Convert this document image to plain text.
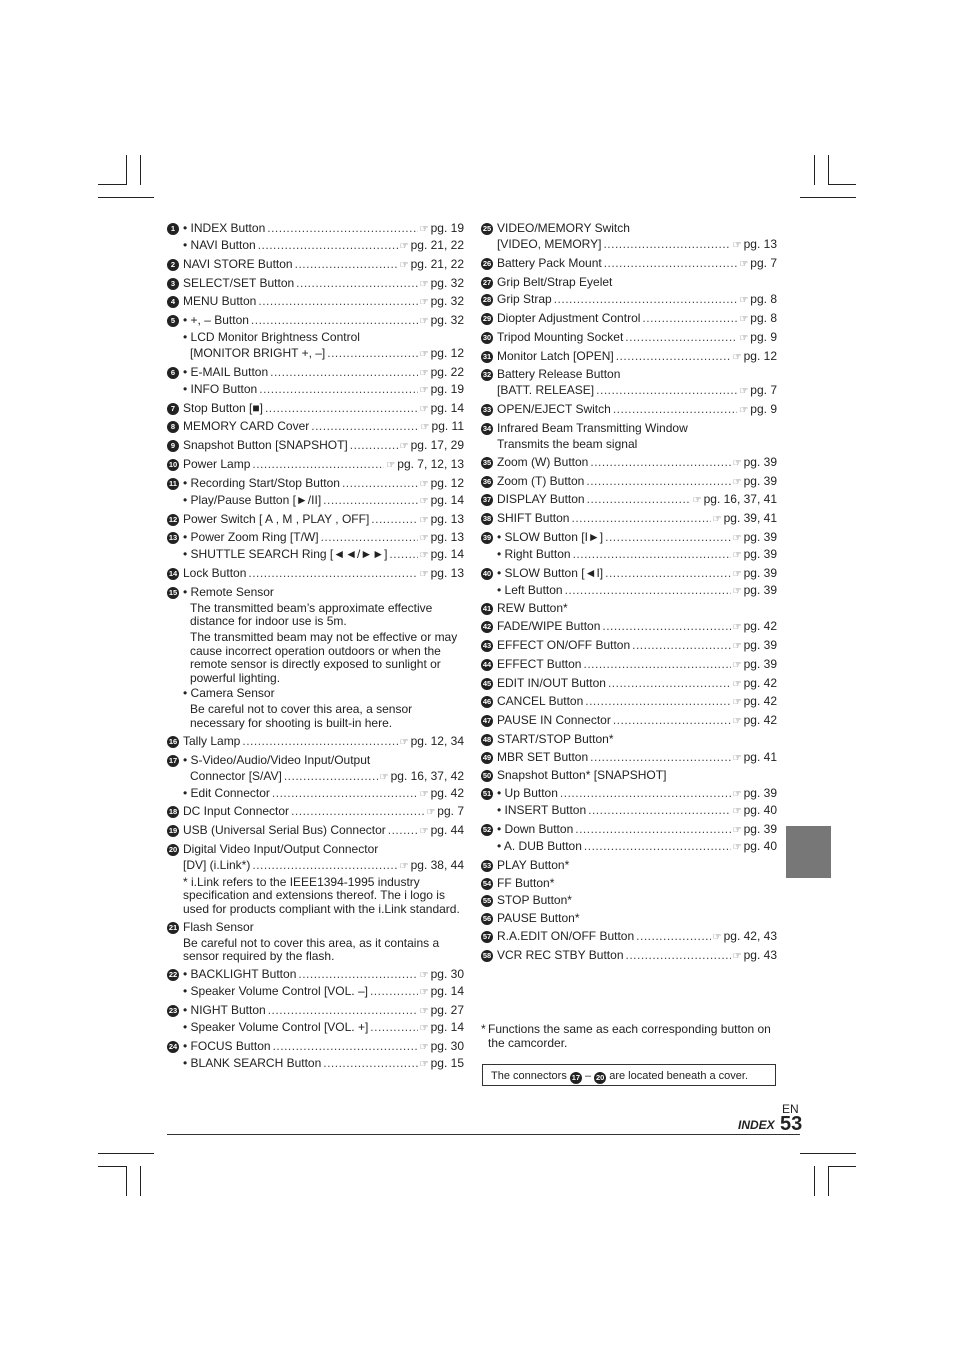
1 • INDEX Button .....	☞ pg. 19
• NAVI Button .....	☞ pg. 21, 22
2 NAVI STORE Button .....	☞ pg. 21, 22
3 SELECT/SET Button .....	☞ pg. 32
4 MENU Button .....	☞ pg. 32
5 • +, – Button .....	☞ pg. 32
• LCD Monitor Brightness Control
[MONITOR BRIGHT +, –] .....	☞ pg. 12
6 • E-MAIL Button .....	☞ pg. 22
• INFO Button .....	☞ pg. 19
7 Stop Button [■] .....	☞ pg. 14
8 MEMORY CARD Cover .....	☞ pg. 11
9 Snapshot Button [SNAPSHOT] .....	☞ pg. 17, 29
10 Power Lamp .....	☞ pg. 7, 12, 13
11 • Recording Start/Stop Button .....	☞ pg. 12
• Play/Pause Button [►/II] .....	☞ pg. 14
12 Power Switch [ A , M , PLAY , OFF] .....	☞ pg. 13
13 • Power Zoom Ring [T/W] .....	☞ pg. 13
• SHUTTLE SEARCH Ring [◄◄/►►] .....	☞ pg. 14
14 Lock Button .....	☞ pg. 13
15 • Remote Sensor
The transmitted beam’s approximate effective distance for indoor use is 5m.
The transmitted beam may not be effective or may cause incorrect operation outdoors or when the remote sensor is directly exposed to sunlight or powerful lighting.
• Camera Sensor
Be careful not to cover this area, a sensor necessary for shooting is built-in here.
16 Tally Lamp .....	☞ pg. 12, 34
17 • S-Video/Audio/Video Input/Output
Connector [S/AV] .....	☞ pg. 16, 37, 42
• Edit Connector .....	☞ pg. 42
18 DC Input Connector .....	☞ pg. 7
19 USB (Universal Serial Bus) Connector .....	☞ pg. 44
20 Digital Video Input/Output Connector
[DV] (i.Link*) .....	☞ pg. 38, 44
* i.Link refers to the IEEE1394-1995 industry specification and extensions thereof. The i logo is used for products compliant with the i.Link standard.
21 Flash Sensor
Be careful not to cover this area, as it contains a sensor required by the flash.
22 • BACKLIGHT Button .....	☞ pg. 30
• Speaker Volume Control [VOL. –] .....	☞ pg. 14
23 • NIGHT Button .....	☞ pg. 27
• Speaker Volume Control [VOL. +] .....	☞ pg. 14
24 • FOCUS Button .....	☞ pg. 30
• BLANK SEARCH Button .....	☞ pg. 15
25 VIDEO/MEMORY Switch
[VIDEO, MEMORY] .....	☞ pg. 13
26 Battery Pack Mount .....	☞ pg. 7
27 Grip Belt/Strap Eyelet
28 Grip Strap .....	☞ pg. 8
29 Diopter Adjustment Control .....	☞ pg. 8
30 Tripod Mounting Socket .....	☞ pg. 9
31 Monitor Latch [OPEN] .....	☞ pg. 12
32 Battery Release Button
[BATT. RELEASE] .....	☞ pg. 7
33 OPEN/EJECT Switch .....	☞ pg. 9
34 Infrared Beam Transmitting Window
Transmits the beam signal
35 Zoom (W) Button .....	☞ pg. 39
36 Zoom (T) Button .....	☞ pg. 39
37 DISPLAY Button .....	☞ pg. 16, 37, 41
38 SHIFT Button .....	☞ pg. 39, 41
39 • SLOW Button [I►] .....	☞ pg. 39
• Right Button .....	☞ pg. 39
40 • SLOW Button [◄I] .....	☞ pg. 39
• Left Button .....	☞ pg. 39
41 REW Button*
42 FADE/WIPE Button .....	☞ pg. 42
43 EFFECT ON/OFF Button .....	☞ pg. 39
44 EFFECT Button .....	☞ pg. 39
45 EDIT IN/OUT Button .....	☞ pg. 42
46 CANCEL Button .....	☞ pg. 42
47 PAUSE IN Connector .....	☞ pg. 42
48 START/STOP Button*
49 MBR SET Button .....	☞ pg. 41
50 Snapshot Button* [SNAPSHOT]
51 • Up Button .....	☞ pg. 39
• INSERT Button .....	☞ pg. 40
52 • Down Button .....	☞ pg. 39
• A. DUB Button .....	☞ pg. 40
53 PLAY Button*
54 FF Button*
55 STOP Button*
56 PAUSE Button*
57 R.A.EDIT ON/OFF Button .....	☞ pg. 42, 43
58 VCR REC STBY Button .....	☞ pg. 43
* Functions the same as each corresponding button on the camcorder.
The connectors 17 – 20 are located beneath a cover.
EN
INDEX 53
